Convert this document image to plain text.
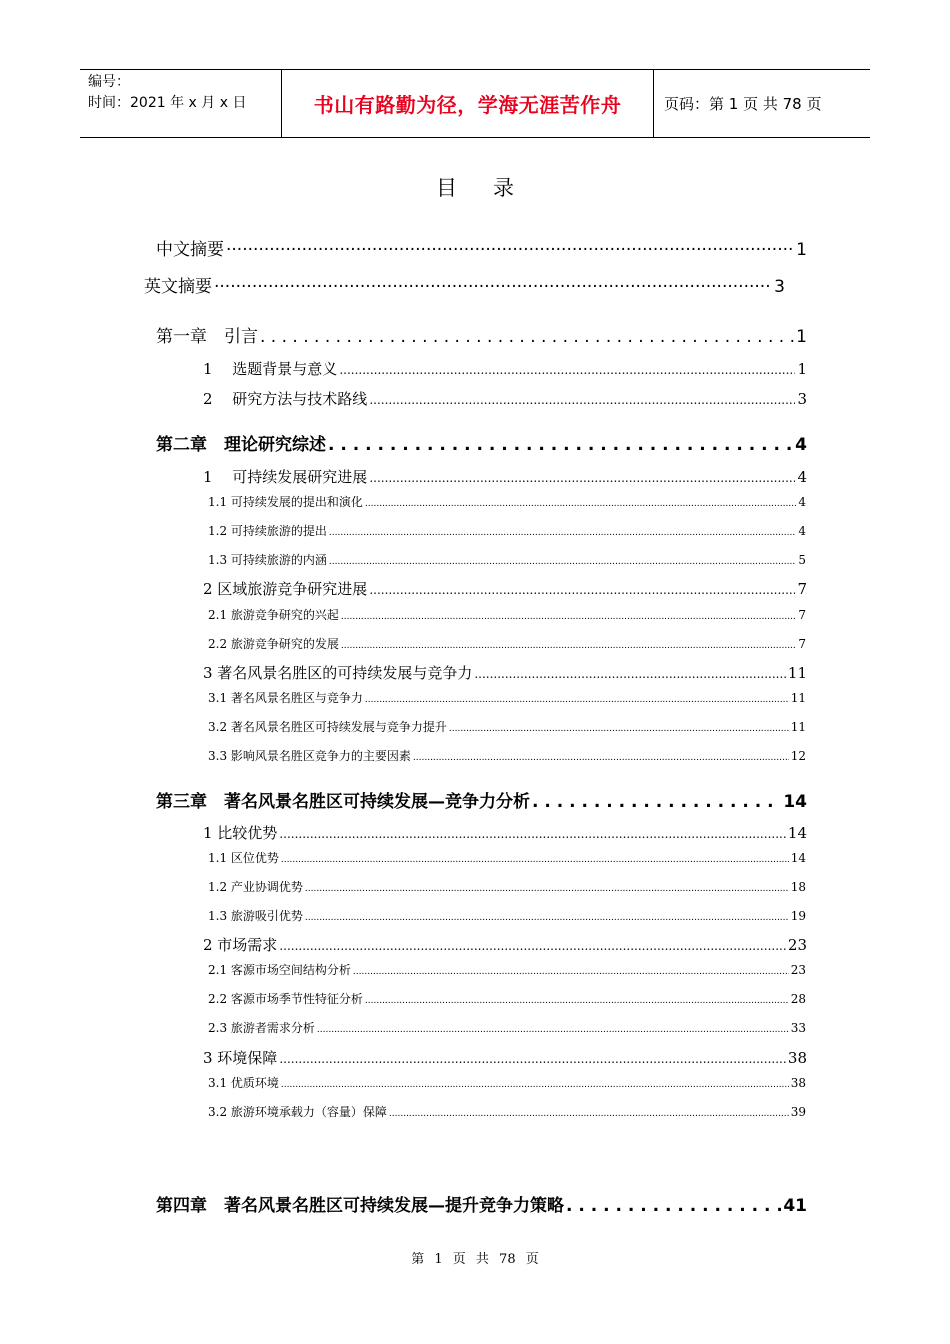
编号：
时间：2021 年 x 月 x 日	书山有路勤为径，学海无涯苦作舟	页码：第 1 页 共 78 页
目录
中文摘要 ·····	1
英文摘要 ·····	3
第一章　引言 . . .	1
1　 选题背景与意义 .....	1
2　 研究方法与技术路线 .....	3
第二章　理论研究综述 . . .	4
1　 可持续发展研究进展 .....	4
1.1 可持续发展的提出和演化 .....	4
1.2 可持续旅游的提出 .....	4
1.3 可持续旅游的内涵 .....	5
2 区域旅游竞争研究进展 .....	7
2.1 旅游竞争研究的兴起 .....	7
2.2 旅游竞争研究的发展 .....	7
3 著名风景名胜区的可持续发展与竞争力 .....	11
3.1 著名风景名胜区与竞争力 .....	11
3.2 著名风景名胜区可持续发展与竞争力提升 .....	11
3.3 影响风景名胜区竞争力的主要因素 .....	12
第三章　著名风景名胜区可持续发展—竞争力分析 . . .	14
1 比较优势 .....	14
1.1 区位优势 .....	14
1.2 产业协调优势 .....	18
1.3 旅游吸引优势 .....	19
2 市场需求 .....	23
2.1 客源市场空间结构分析 .....	23
2.2 客源市场季节性特征分析 .....	28
2.3 旅游者需求分析 .....	33
3 环境保障 .....	38
3.1 优质环境 .....	38
3.2 旅游环境承载力（容量）保障 .....	39
第四章　著名风景名胜区可持续发展—提升竞争力策略 . . .	41
第 1 页 共 78 页
